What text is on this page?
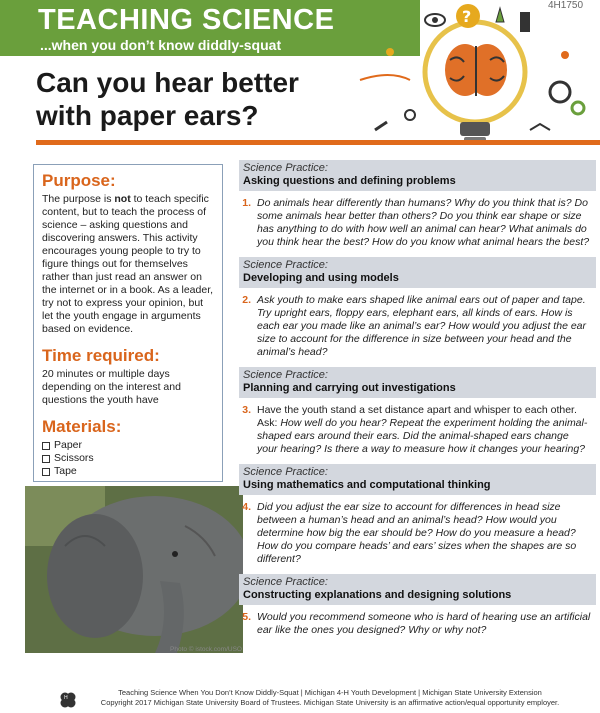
TEACHING SCIENCE
...when you don’t know diddly-squat
4H1750
?
Can you hear better with paper ears?
Purpose:
The purpose is not to teach specific content, but to teach the process of science – asking questions and discovering answers. This activity encourages young people to try to figure things out for themselves rather than just read an answer on the internet or in a book. As a leader, try not to express your opinion, but let the youth engage in arguments based on evidence.
Time required:
20 minutes or multiple days depending on the interest and questions the youth have
Materials:
Paper
Scissors
Tape
Photo © istock.com/USO
Science Practice:
Asking questions and defining problems
1. Do animals hear differently than humans? Why do you think that is? Do some animals hear better than others? Do you think ear shape or size has anything to do with how well an animal can hear? What animals do you think hear the best? How do you know what animal hears the best?
Science Practice:
Developing and using models
2. Ask youth to make ears shaped like animal ears out of paper and tape. Try upright ears, floppy ears, elephant ears, all kinds of ears. How is each ear you made like an animal’s ear? How would you adjust the ear size to account for the difference in size between your head and the animal’s head?
Science Practice:
Planning and carrying out investigations
3. Have the youth stand a set distance apart and whisper to each other. Ask: How well do you hear? Repeat the experiment holding the animal-shaped ears around their ears. Did the animal-shaped ears change your hearing? Is there a way to measure how it changes your hearing?
Science Practice:
Using mathematics and computational thinking
4. Did you adjust the ear size to account for differences in head size between a human’s head and an animal’s head? How would you determine how big the ear should be? How do you measure a head? How do you compare heads’ and ears’ sizes when the shapes are so different?
Science Practice:
Constructing explanations and designing solutions
5. Would you recommend someone who is hard of hearing use an artificial ear like the ones you designed? Why or why not?
H
Teaching Science When You Don’t Know Diddly-Squat | Michigan 4-H Youth Development | Michigan State University Extension
Copyright 2017 Michigan State University Board of Trustees. Michigan State University is an affirmative action/equal opportunity employer.
